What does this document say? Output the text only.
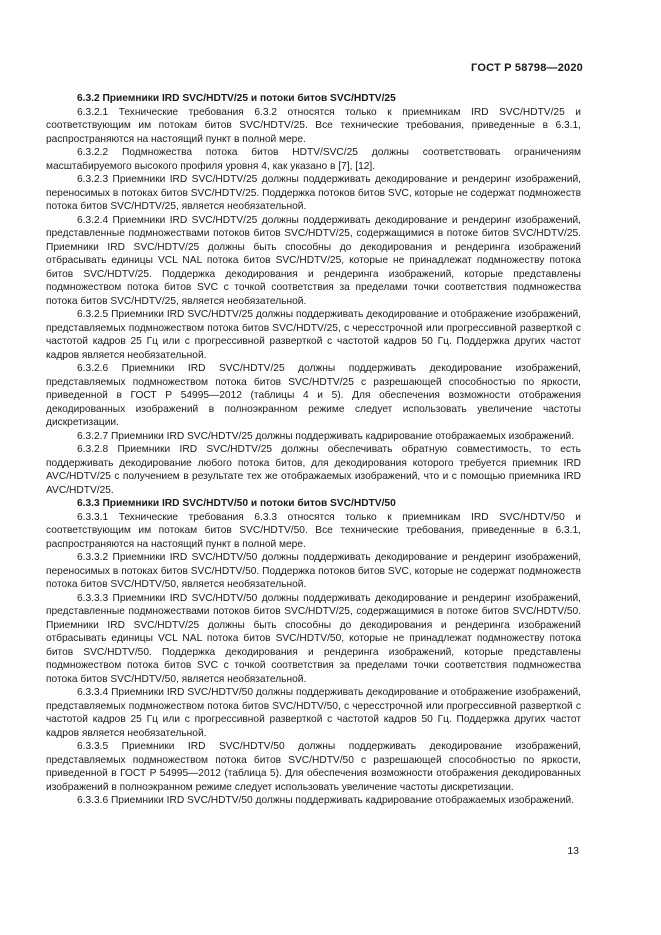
ГОСТ Р 58798—2020

6.3.2 Приемники IRD SVC/HDTV/25 и потоки битов SVC/HDTV/25

6.3.2.1 Технические требования 6.3.2 относятся только к приемникам IRD SVC/HDTV/25 и соответствующим им потокам битов SVC/HDTV/25. Все технические требования, приведенные в 6.3.1, распространяются на настоящий пункт в полной мере.

6.3.2.2 Подмножества потока битов HDTV/SVC/25 должны соответствовать ограничениям масштабируемого высокого профиля уровня 4, как указано в [7], [12].

6.3.2.3 Приемники IRD SVC/HDTV/25 должны поддерживать декодирование и рендеринг изображений, переносимых в потоках битов SVC/HDTV/25. Поддержка потоков битов SVC, которые не содержат подмножеств потока битов SVC/HDTV/25, является необязательной.

6.3.2.4 Приемники IRD SVC/HDTV/25 должны поддерживать декодирование и рендеринг изображений, представленные подмножествами потоков битов SVC/HDTV/25, содержащимися в потоке битов SVC/HDTV/25. Приемники IRD SVC/HDTV/25 должны быть способны до декодирования и рендеринга изображений отбрасывать единицы VCL NAL потока битов SVC/HDTV/25, которые не принадлежат подмножеству потока битов SVC/HDTV/25. Поддержка декодирования и рендеринга изображений, которые представлены подмножеством потока битов SVC с точкой соответствия за пределами точки соответствия подмножества потока битов SVC/HDTV/25, является необязательной.

6.3.2.5 Приемники IRD SVC/HDTV/25 должны поддерживать декодирование и отображение изображений, представляемых подмножеством потока битов SVC/HDTV/25, с чересстрочной или прогрессивной разверткой с частотой кадров 25 Гц или с прогрессивной разверткой с частотой кадров 50 Гц. Поддержка других частот кадров является необязательной.

6.3.2.6 Приемники IRD SVC/HDTV/25 должны поддерживать декодирование изображений, представляемых подмножеством потока битов SVC/HDTV/25 с разрешающей способностью по яркости, приведенной в ГОСТ Р 54995—2012 (таблицы 4 и 5). Для обеспечения возможности отображения декодированных изображений в полноэкранном режиме следует использовать увеличение частоты дискретизации.

6.3.2.7 Приемники IRD SVC/HDTV/25 должны поддерживать кадрирование отображаемых изображений.

6.3.2.8 Приемники IRD SVC/HDTV/25 должны обеспечивать обратную совместимость, то есть поддерживать декодирование любого потока битов, для декодирования которого требуется приемник IRD AVC/HDTV/25 с получением в результате тех же отображаемых изображений, что и с помощью приемника IRD AVC/HDTV/25.

6.3.3 Приемники IRD SVC/HDTV/50 и потоки битов SVC/HDTV/50

6.3.3.1 Технические требования 6.3.3 относятся только к приемникам IRD SVC/HDTV/50 и соответствующим им потокам битов SVC/HDTV/50. Все технические требования, приведенные в 6.3.1, распространяются на настоящий пункт в полной мере.

6.3.3.2 Приемники IRD SVC/HDTV/50 должны поддерживать декодирование и рендеринг изображений, переносимых в потоках битов SVC/HDTV/50. Поддержка потоков битов SVC, которые не содержат подмножеств потока битов SVC/HDTV/50, является необязательной.

6.3.3.3 Приемники IRD SVC/HDTV/50 должны поддерживать декодирование и рендеринг изображений, представленные подмножествами потоков битов SVC/HDTV/25, содержащимися в потоке битов SVC/HDTV/50. Приемники IRD SVC/HDTV/25 должны быть способны до декодирования и рендеринга изображений отбрасывать единицы VCL NAL потока битов SVC/HDTV/50, которые не принадлежат подмножеству потока битов SVC/HDTV/50. Поддержка декодирования и рендеринга изображений, которые представлены подмножеством потока битов SVC с точкой соответствия за пределами точки соответствия подмножества потока битов SVC/HDTV/50, является необязательной.

6.3.3.4 Приемники IRD SVC/HDTV/50 должны поддерживать декодирование и отображение изображений, представляемых подмножеством потока битов SVC/HDTV/50, с чересстрочной или прогрессивной разверткой с частотой кадров 25 Гц или с прогрессивной разверткой с частотой кадров 50 Гц. Поддержка других частот кадров является необязательной.

6.3.3.5 Приемники IRD SVC/HDTV/50 должны поддерживать декодирование изображений, представляемых подмножеством потока битов SVC/HDTV/50 с разрешающей способностью по яркости, приведенной в ГОСТ Р 54995—2012 (таблица 5). Для обеспечения возможности отображения декодированных изображений в полноэкранном режиме следует использовать увеличение частоты дискретизации.

6.3.3.6 Приемники IRD SVC/HDTV/50 должны поддерживать кадрирование отображаемых изображений.

13
